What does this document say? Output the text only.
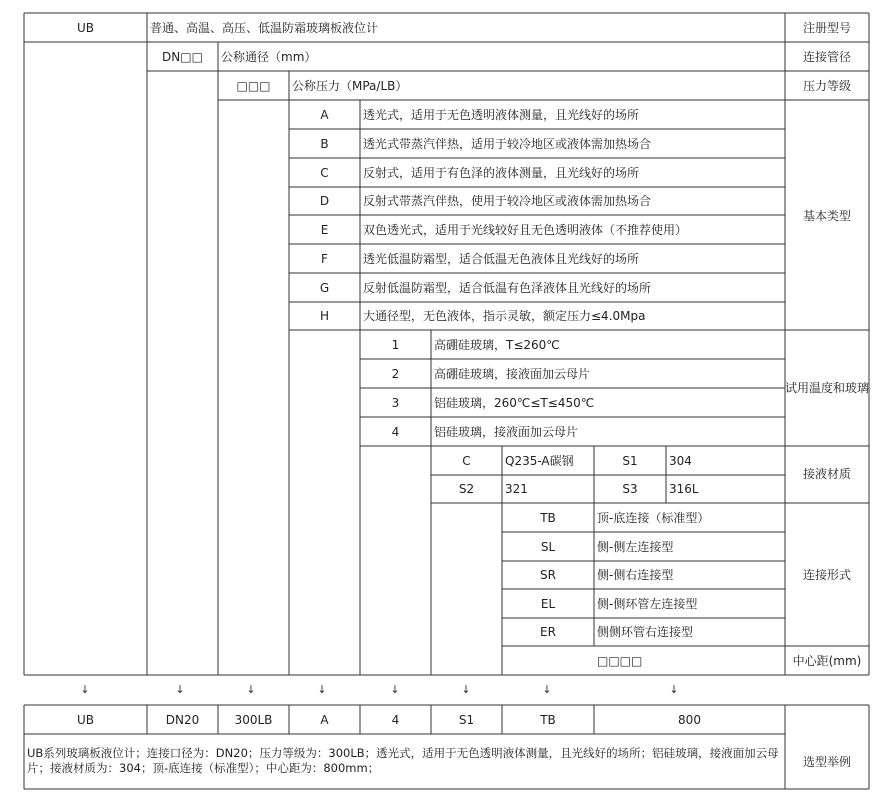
UB	普通、高温、高压、低温防霜玻璃板液位计	注册型号
DN□□	公称通径（mm）	连接管径
□□□	公称压力（MPa/LB）	压力等级
A	透光式，适用于无色透明液体测量，且光线好的场所
B	透光式带蒸汽伴热，适用于较冷地区或液体需加热场合
C	反射式，适用于有色泽的液体测量，且光线好的场所
D	反射式带蒸汽伴热，使用于较冷地区或液体需加热场合
E	双色透光式，适用于光线较好且无色透明液体（不推荐使用）
F	透光低温防霜型，适合低温无色液体且光线好的场所
G	反射低温防霜型，适合低温有色泽液体且光线好的场所
H	大通径型，无色液体，指示灵敏，额定压力≤4.0Mpa
基本类型
1	高硼硅玻璃，T≤260℃
2	高硼硅玻璃，接液面加云母片
3	铝硅玻璃，260℃≤T≤450℃
4	铝硅玻璃，接液面加云母片
试用温度和玻璃
C	Q235-A碳钢	S1	304
S2	321	S3	316L
接液材质
TB	顶-底连接（标准型）
SL	侧-侧左连接型
SR	侧-侧右连接型
EL	侧-侧环管左连接型
ER	侧侧环管右连接型
连接形式
□□□□	中心距(mm)
↓	↓	↓	↓	↓	↓	↓	↓
UB	DN20	300LB	A	4	S1	TB	800
UB系列玻璃板液位计；连接口径为：DN20；压力等级为：300LB；透光式，适用于无色透明液体测量，且光线好的场所；铝硅玻璃，接液面加云母片；接液材质为：304；顶-底连接（标准型）；中心距为：800mm；	选型举例
